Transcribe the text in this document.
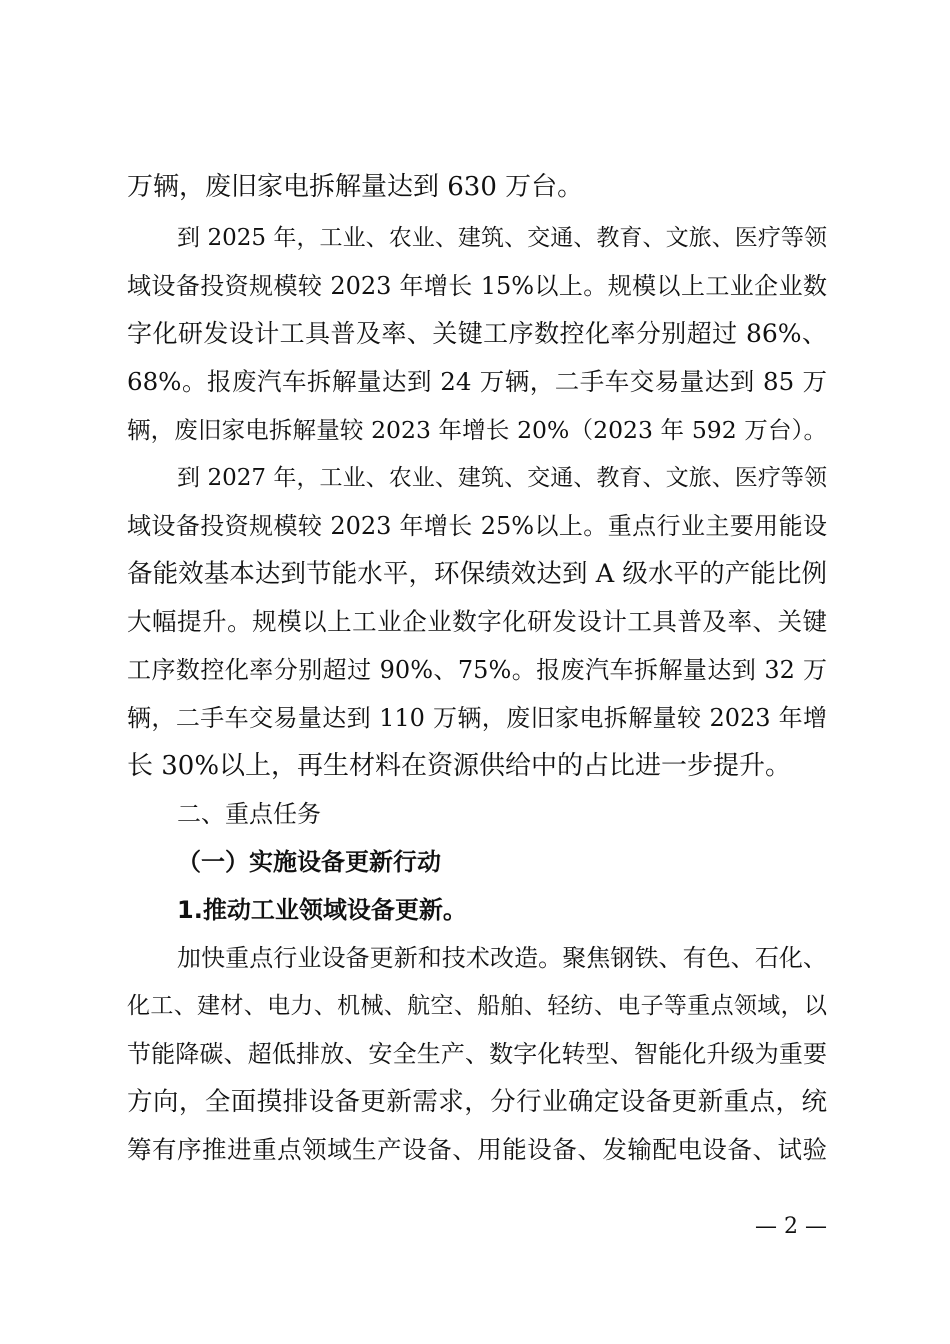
万辆，废旧家电拆解量达到 630 万台。
到 2025 年，工业、农业、建筑、交通、教育、文旅、医疗等领
域设备投资规模较 2023 年增长 15%以上。规模以上工业企业数
字化研发设计工具普及率、关键工序数控化率分别超过 86%、
68%。报废汽车拆解量达到 24 万辆，二手车交易量达到 85 万
辆，废旧家电拆解量较 2023 年增长 20%（2023 年 592 万台）。
到 2027 年，工业、农业、建筑、交通、教育、文旅、医疗等领
域设备投资规模较 2023 年增长 25%以上。重点行业主要用能设
备能效基本达到节能水平，环保绩效达到 A 级水平的产能比例
大幅提升。规模以上工业企业数字化研发设计工具普及率、关键
工序数控化率分别超过 90%、75%。报废汽车拆解量达到 32 万
辆，二手车交易量达到 110 万辆，废旧家电拆解量较 2023 年增
长 30%以上，再生材料在资源供给中的占比进一步提升。
二、重点任务
（一）实施设备更新行动
1.推动工业领域设备更新。
加快重点行业设备更新和技术改造。聚焦钢铁、有色、石化、
化工、建材、电力、机械、航空、船舶、轻纺、电子等重点领域，以
节能降碳、超低排放、安全生产、数字化转型、智能化升级为重要
方向，全面摸排设备更新需求，分行业确定设备更新重点，统
筹有序推进重点领域生产设备、用能设备、发输配电设备、试验
— 2 —
